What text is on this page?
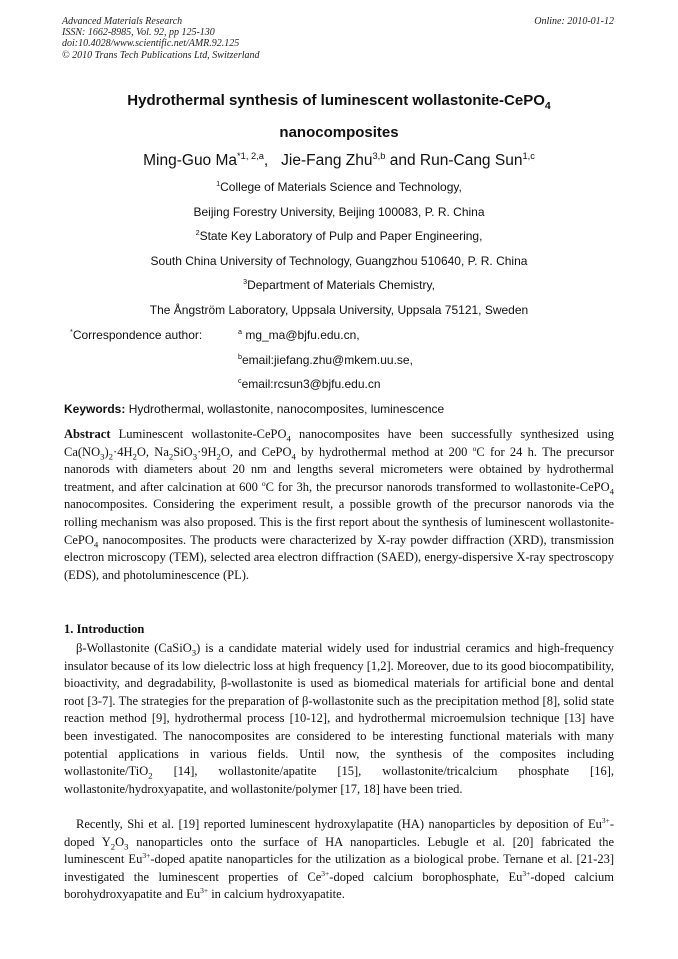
Advanced Materials Research
ISSN: 1662-8985, Vol. 92, pp 125-130
doi:10.4028/www.scientific.net/AMR.92.125
© 2010 Trans Tech Publications Ltd, Switzerland
Online: 2010-01-12
Hydrothermal synthesis of luminescent wollastonite-CePO$_4$
nanocomposites
Ming-Guo Ma$^{*1, 2,a}$,   Jie-Fang Zhu$^{3,b}$ and Run-Cang Sun$^{1,c}$
$^1$College of Materials Science and Technology,
Beijing Forestry University, Beijing 100083, P. R. China
$^2$State Key Laboratory of Pulp and Paper Engineering,
South China University of Technology, Guangzhou 510640, P. R. China
$^3$Department of Materials Chemistry,
The Ångström Laboratory, Uppsala University, Uppsala 75121, Sweden
*Correspondence author:	$^a$ mg_ma@bjfu.edu.cn,
$^b$email:jiefang.zhu@mkem.uu.se,
$^c$email:rcsun3@bjfu.edu.cn
Keywords: Hydrothermal, wollastonite, nanocomposites, luminescence
Abstract Luminescent wollastonite-CePO$_4$ nanocomposites have been successfully synthesized using $Ca(NO_3)_2\cdot 4H_2O$, $Na_2SiO_3\cdot 9H_2O$, and CePO$_4$ by hydrothermal method at 200 $^o$C for 24 h. The precursor nanorods with diameters about 20 nm and lengths several micrometers were obtained by hydrothermal treatment, and after calcination at 600 $^o$C for 3h, the precursor nanorods transformed to wollastonite-CePO$_4$ nanocomposites. Considering the experiment result, a possible growth of the precursor nanorods via the rolling mechanism was also proposed. This is the first report about the synthesis of luminescent wollastonite-CePO$_4$ nanocomposites. The products were characterized by X-ray powder diffraction (XRD), transmission electron microscopy (TEM), selected area electron diffraction (SAED), energy-dispersive X-ray spectroscopy (EDS), and photoluminescence (PL).
1. Introduction
β-Wollastonite (CaSiO$_3$) is a candidate material widely used for industrial ceramics and high-frequency insulator because of its low dielectric loss at high frequency [1,2]. Moreover, due to its good biocompatibility, bioactivity, and degradability, β-wollastonite is used as biomedical materials for artificial bone and dental root [3-7]. The strategies for the preparation of β-wollastonite such as the precipitation method [8], solid state reaction method [9], hydrothermal process [10-12], and hydrothermal microemulsion technique [13] have been investigated. The nanocomposites are considered to be interesting functional materials with many potential applications in various fields. Until now, the synthesis of the composites including wollastonite/TiO$_2$ [14], wollastonite/apatite [15], wollastonite/tricalcium phosphate [16], wollastonite/hydroxyapatite, and wollastonite/polymer [17, 18] have been tried.
Recently, Shi et al. [19] reported luminescent hydroxylapatite (HA) nanoparticles by deposition of $Eu^{3+}$-doped $Y_2O_3$ nanoparticles onto the surface of HA nanoparticles. Lebugle et al. [20] fabricated the luminescent $Eu^{3+}$-doped apatite nanoparticles for the utilization as a biological probe. Ternane et al. [21-23] investigated the luminescent properties of $Ce^{3+}$-doped calcium borophosphate, $Eu^{3+}$-doped calcium borohydroxyapatite and $Eu^{3+}$ in calcium hydroxyapatite.
